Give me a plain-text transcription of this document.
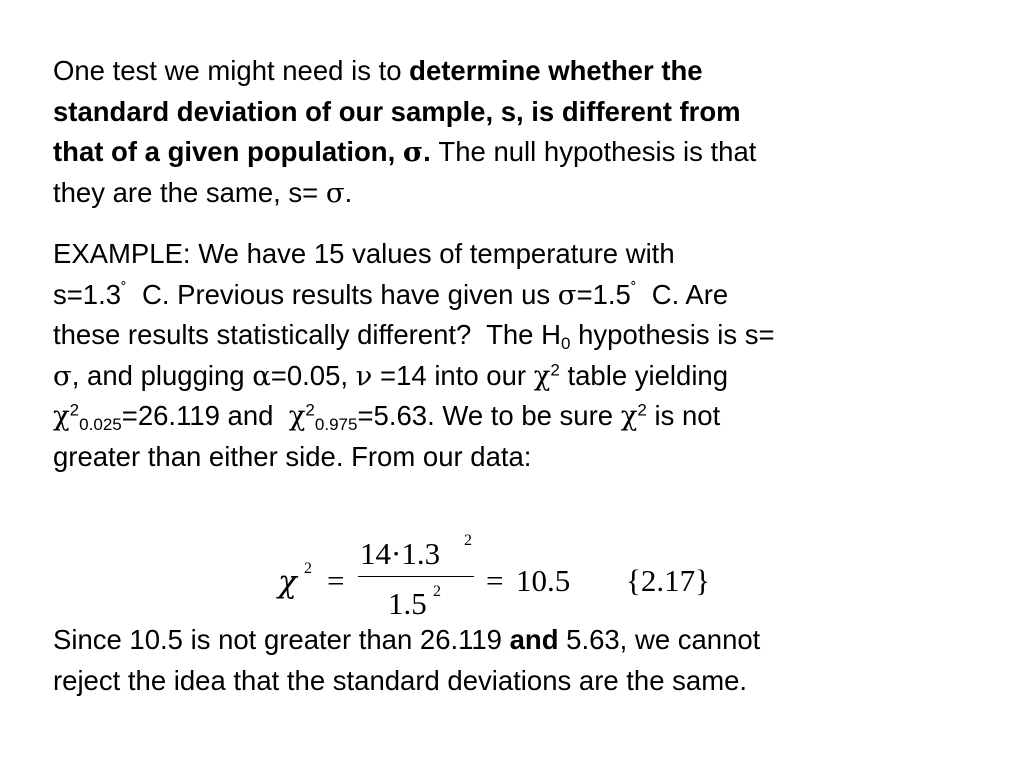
One test we might need is to determine whether the
standard deviation of our sample, s, is different from
that of a given population, σ. The null hypothesis is that
they are the same, s= σ.
EXAMPLE: We have 15 values of temperature with
s=1.3˚  C. Previous results have given us σ=1.5˚  C. Are
these results statistically different?  The $H_0$ hypothesis is s=
σ, and plugging α=0.05, ν =14 into our $\chi^2$ table yielding
$\chi^2_{0.025}=26.119$ and  $\chi^2_{0.975}=5.63$. We to be sure $\chi^2$ is not
greater than either side. From our data:
χ 2 =
14·1.3 2
1.5 2 = 10.5 {2.17}
Since 10.5 is not greater than 26.119 and 5.63, we cannot
reject the idea that the standard deviations are the same.
